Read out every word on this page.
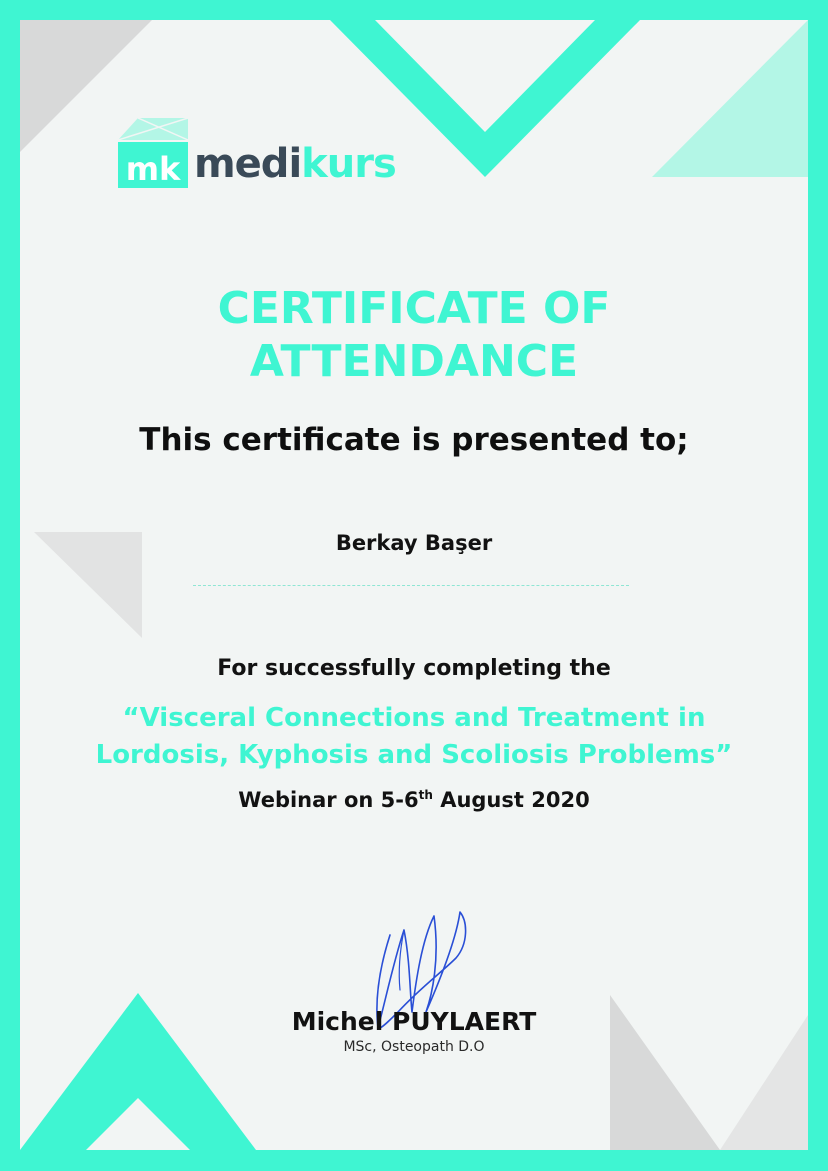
mk medikurs
CERTIFICATE OF
ATTENDANCE
This certificate is presented to;
Berkay Başer
For successfully completing the
“Visceral Connections and Treatment in
Lordosis, Kyphosis and Scoliosis Problems”
Webinar on 5-6th August 2020
Michel PUYLAERT
MSc, Osteopath D.O
